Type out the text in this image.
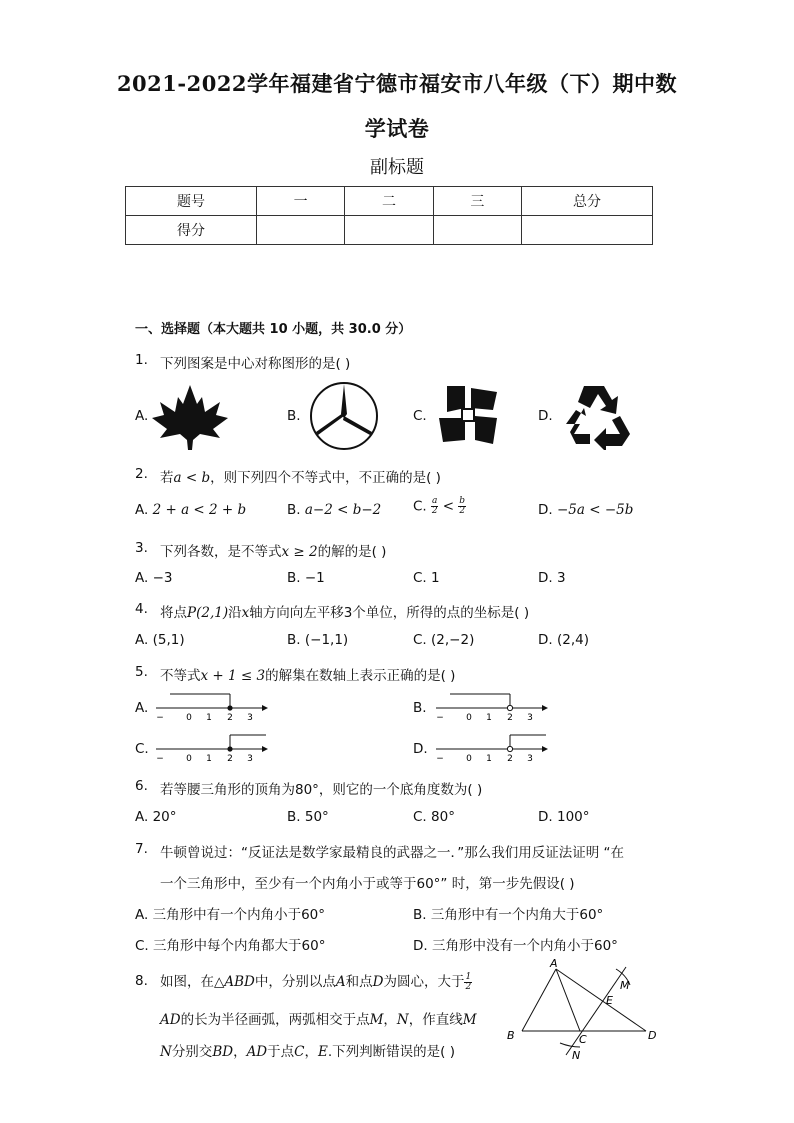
2021-2022学年福建省宁德市福安市八年级（下）期中数
学试卷
副标题
题号	一	二	三	总分
得分				
一、选择题（本大题共 10 小题，共 30.0 分）
1. 下列图案是中心对称图形的是( )
A.	B.	C.	D.
2. 若a < b，则下列四个不等式中，不正确的是( )
A. 2 + a < 2 + b	B. a−2 < b−2 C. $\frac{a}{2} < \frac{b}{2}$	D. −5a < −5b
3. 下列各数，是不等式x ≥ 2的解的是( )
A. −3	B. −1	C. 1	D. 3
4. 将点P(2,1)沿x轴方向向左平移3个单位，所得的点的坐标是( )
A. (5,1)	B. (−1,1)	C. (2,−2)	D. (2,4)
5. 不等式x + 1 ≤ 3的解集在数轴上表示正确的是( )
A.
− 0 1 2 3
B.
− 0 1 2 3
C.
− 0 1 2 3
D.
− 0 1 2 3
6. 若等腰三角形的顶角为80°，则它的一个底角度数为( )
A. 20°	B. 50°	C. 80°	D. 100°
7. 牛顿曾说过：“反证法是数学家最精良的武器之一．”那么我们用反证法证明 “在
一个三角形中，至少有一个内角小于或等于60°” 时，第一步先假设( )
A. 三角形中有一个内角小于60°	B. 三角形中有一个内角大于60°
C. 三角形中每个内角都大于60°	D. 三角形中没有一个内角小于60°
8. 如图，在△ABD中，分别以点A和点D为圆心，大于 $\frac{1}{2}$
AD的长为半径画弧，两弧相交于点M，N，作直线M
N分别交BD，AD于点C，E.下列判断错误的是( )
A
M
E
B	C	D
N
